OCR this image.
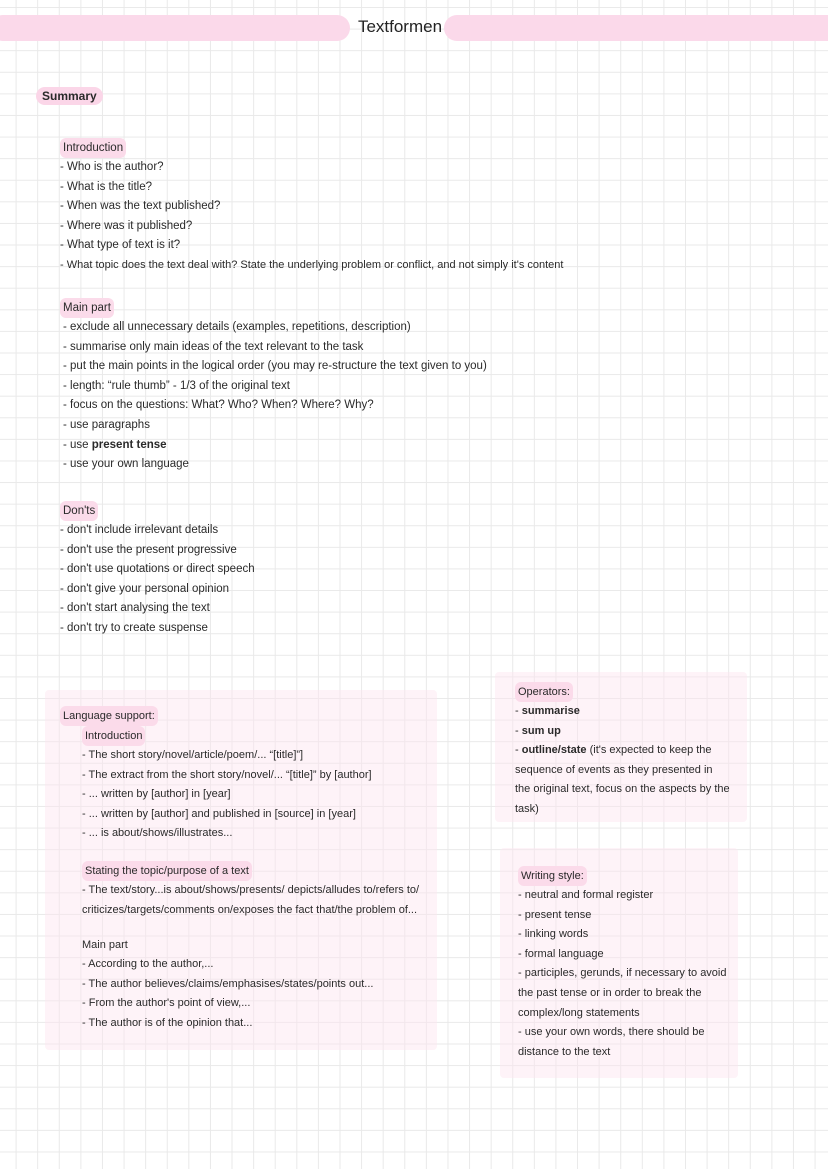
Textformen
Summary
Introduction
- Who is the author?
- What is the title?
- When was the text published?
- Where was it published?
- What type of text is it?
- What topic does the text deal with? State the underlying problem or conflict, and not simply it's content
Main part
- exclude all unnecessary details (examples, repetitions, description)
- summarise only main ideas of the text relevant to the task
- put the main points in the logical order (you may re-structure the text given to you)
- length: “rule thumb” - 1/3 of the original text
- focus on the questions: What? Who? When? Where? Why?
- use paragraphs
- use present tense
- use your own language
Don'ts
- don't include irrelevant details
- don't use the present progressive
- don't use quotations or direct speech
- don't give your personal opinion
- don't start analysing the text
- don't try to create suspense
Language support:
Introduction
- The short story/novel/article/poem/... “[title]”]
- The extract from the short story/novel/... “[title]” by [author]
- ... written by [author] in [year]
- ... written by [author] and published in [source] in [year]
- ... is about/shows/illustrates...
Stating the topic/purpose of a text
- The text/story...is about/shows/presents/ depicts/alludes to/refers to/
criticizes/targets/comments on/exposes the fact that/the problem of...
Main part
- According to the author,...
- The author believes/claims/emphasises/states/points out...
- From the author's point of view,...
- The author is of the opinion that...
Operators:
- summarise
- sum up
- outline/state (it's expected to keep the sequence of events as they presented in the original text, focus on the aspects by the task)
Writing style:
- neutral and formal register
- present tense
- linking words
- formal language
- participles, gerunds, if necessary to avoid the past tense or in order to break the complex/long statements
- use your own words, there should be distance to the text
